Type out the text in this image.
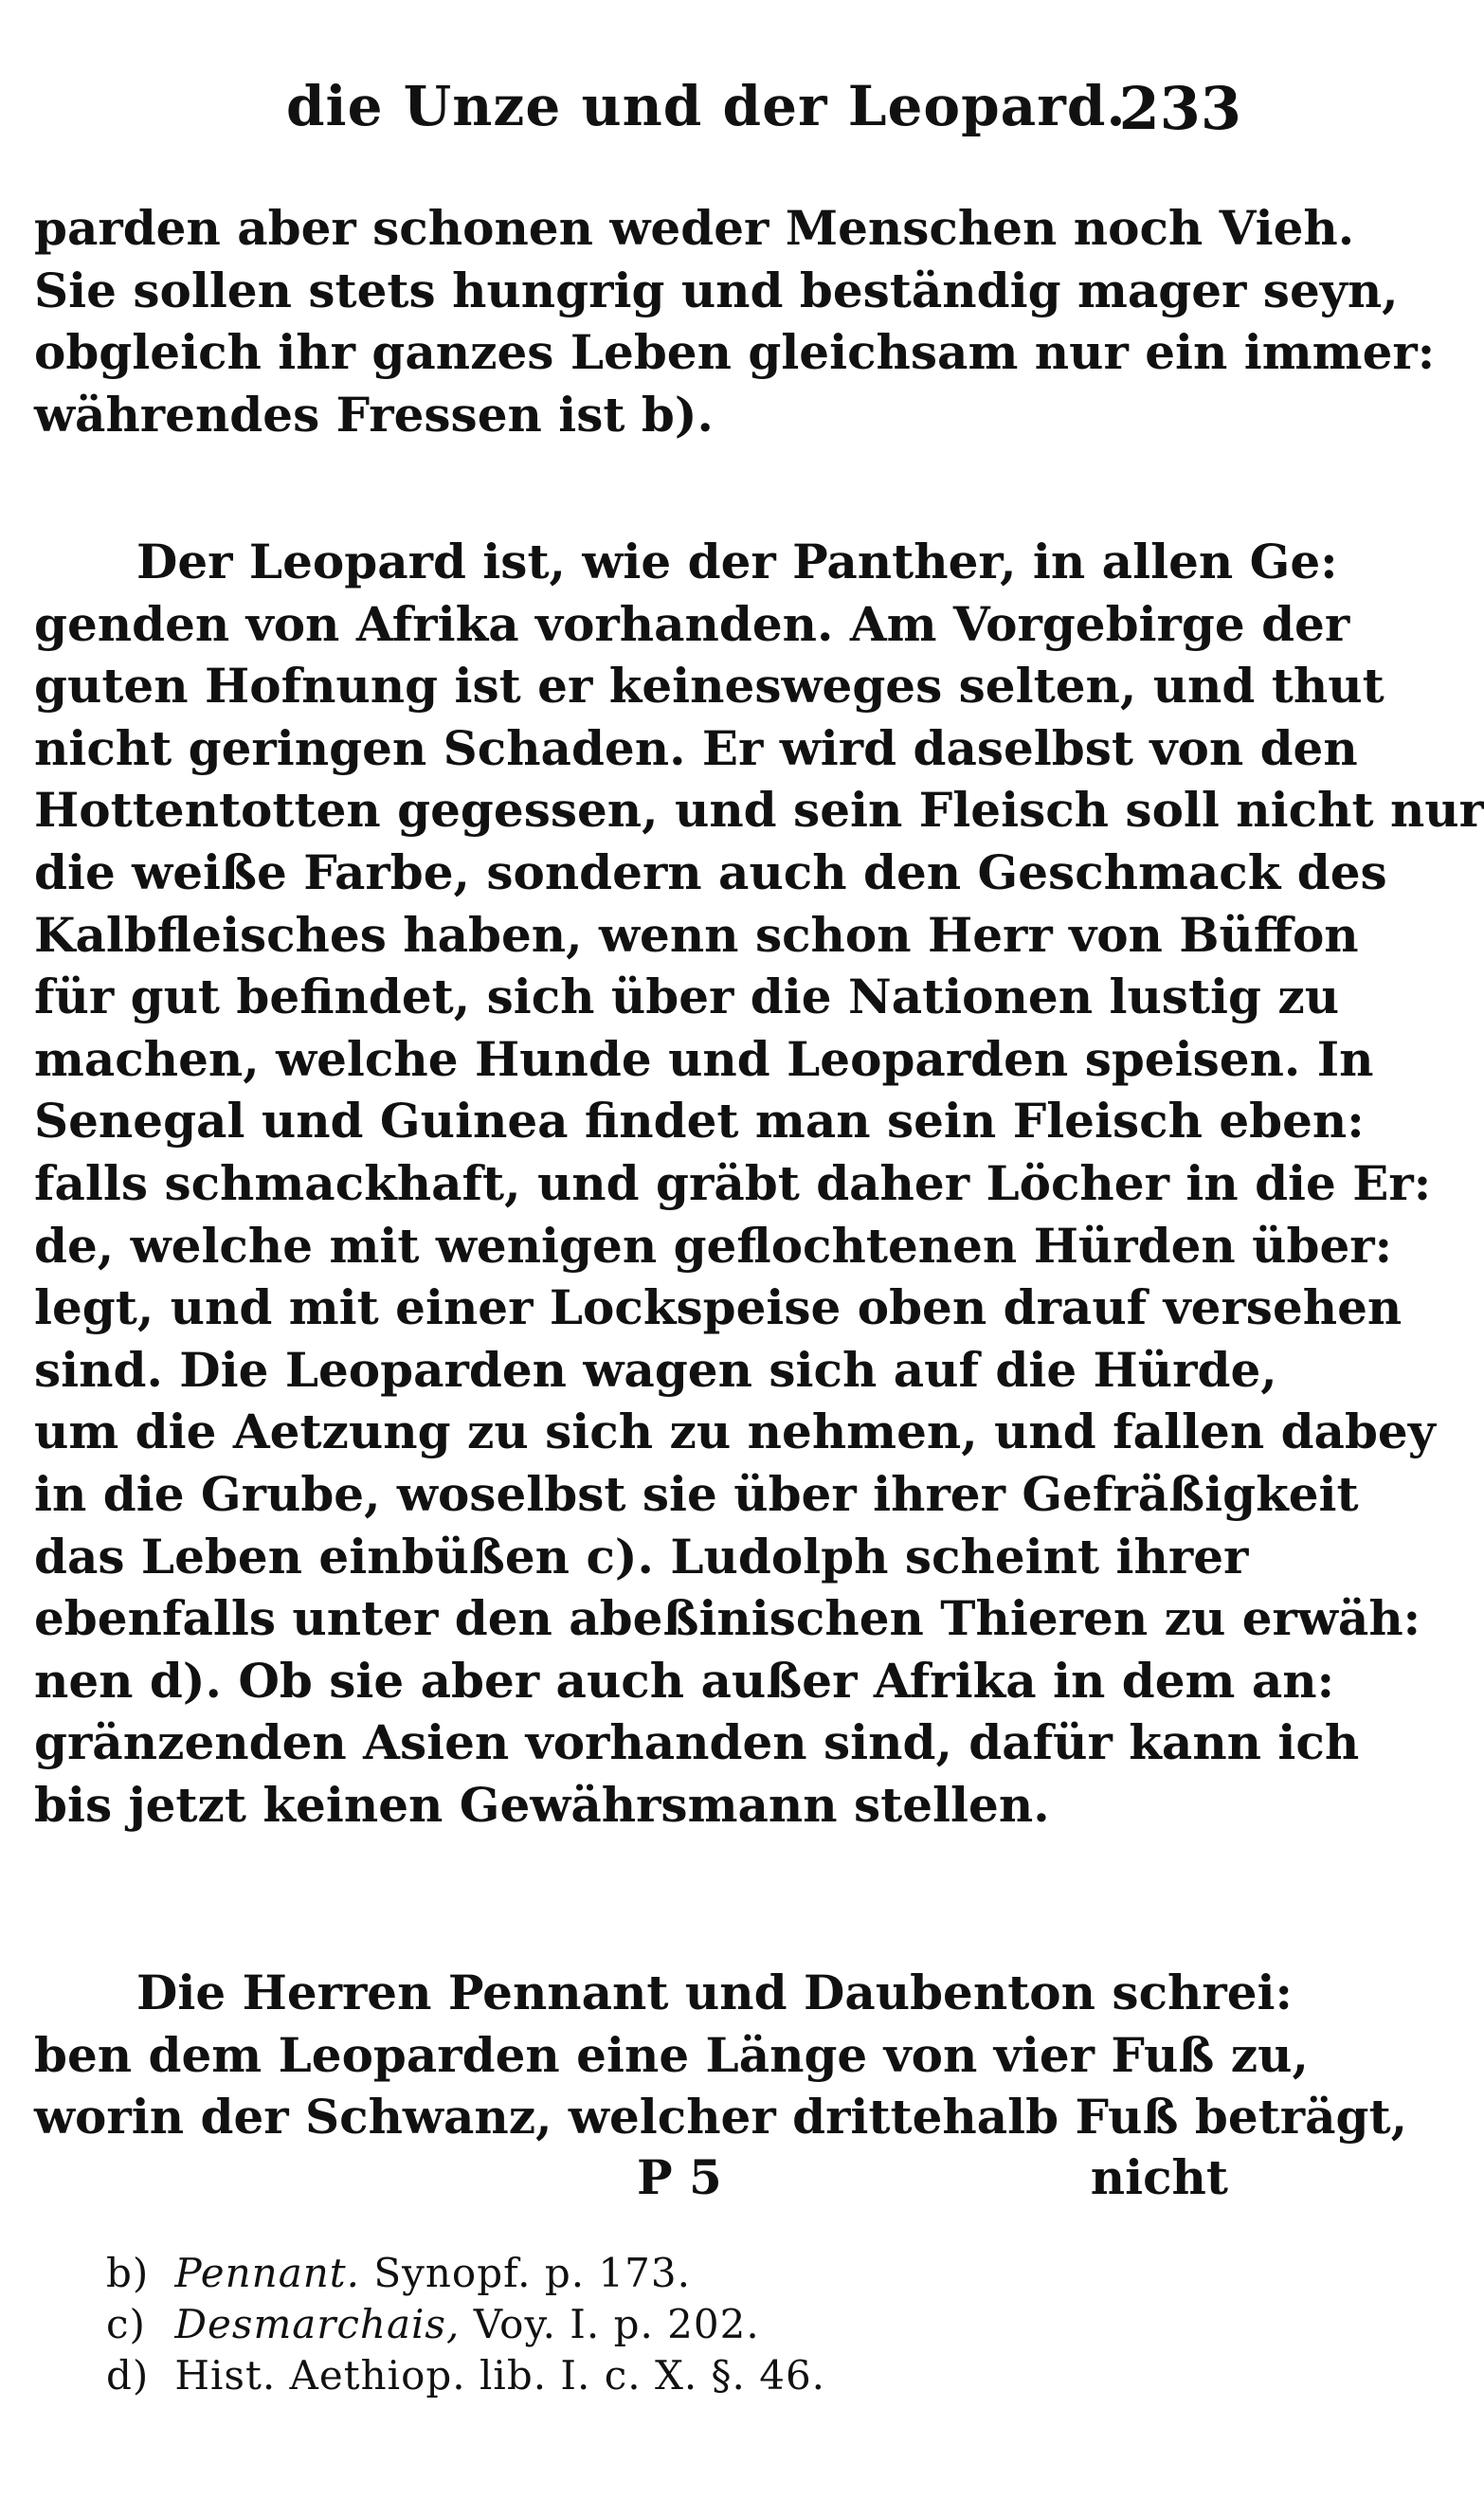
die Unze und der Leopard.
233
parden aber schonen weder Menschen noch Vieh.
Sie sollen stets hungrig und beständig mager seyn,
obgleich ihr ganzes Leben gleichsam nur ein immer:
währendes Fressen ist b).
Der Leopard ist, wie der Panther, in allen Ge:
genden von Afrika vorhanden. Am Vorgebirge der
guten Hofnung ist er keinesweges selten, und thut
nicht geringen Schaden. Er wird daselbst von den
Hottentotten gegessen, und sein Fleisch soll nicht nur
die weiße Farbe, sondern auch den Geschmack des
Kalbfleisches haben, wenn schon Herr von Büffon
für gut befindet, sich über die Nationen lustig zu
machen, welche Hunde und Leoparden speisen. In
Senegal und Guinea findet man sein Fleisch eben:
falls schmackhaft, und gräbt daher Löcher in die Er:
de, welche mit wenigen geflochtenen Hürden über:
legt, und mit einer Lockspeise oben drauf versehen
sind. Die Leoparden wagen sich auf die Hürde,
um die Aetzung zu sich zu nehmen, und fallen dabey
in die Grube, woselbst sie über ihrer Gefräßigkeit
das Leben einbüßen c). Ludolph scheint ihrer
ebenfalls unter den abeßinischen Thieren zu erwäh:
nen d). Ob sie aber auch außer Afrika in dem an:
gränzenden Asien vorhanden sind, dafür kann ich
bis jetzt keinen Gewährsmann stellen.
Die Herren Pennant und Daubenton schrei:
ben dem Leoparden eine Länge von vier Fuß zu,
worin der Schwanz, welcher drittehalb Fuß beträgt,
P 5	nicht
b) Pennant. Synopf. p. 173.
c) Desmarchais, Voy. I. p. 202.
d) Hist. Aethiop. lib. I. c. X. §. 46.
